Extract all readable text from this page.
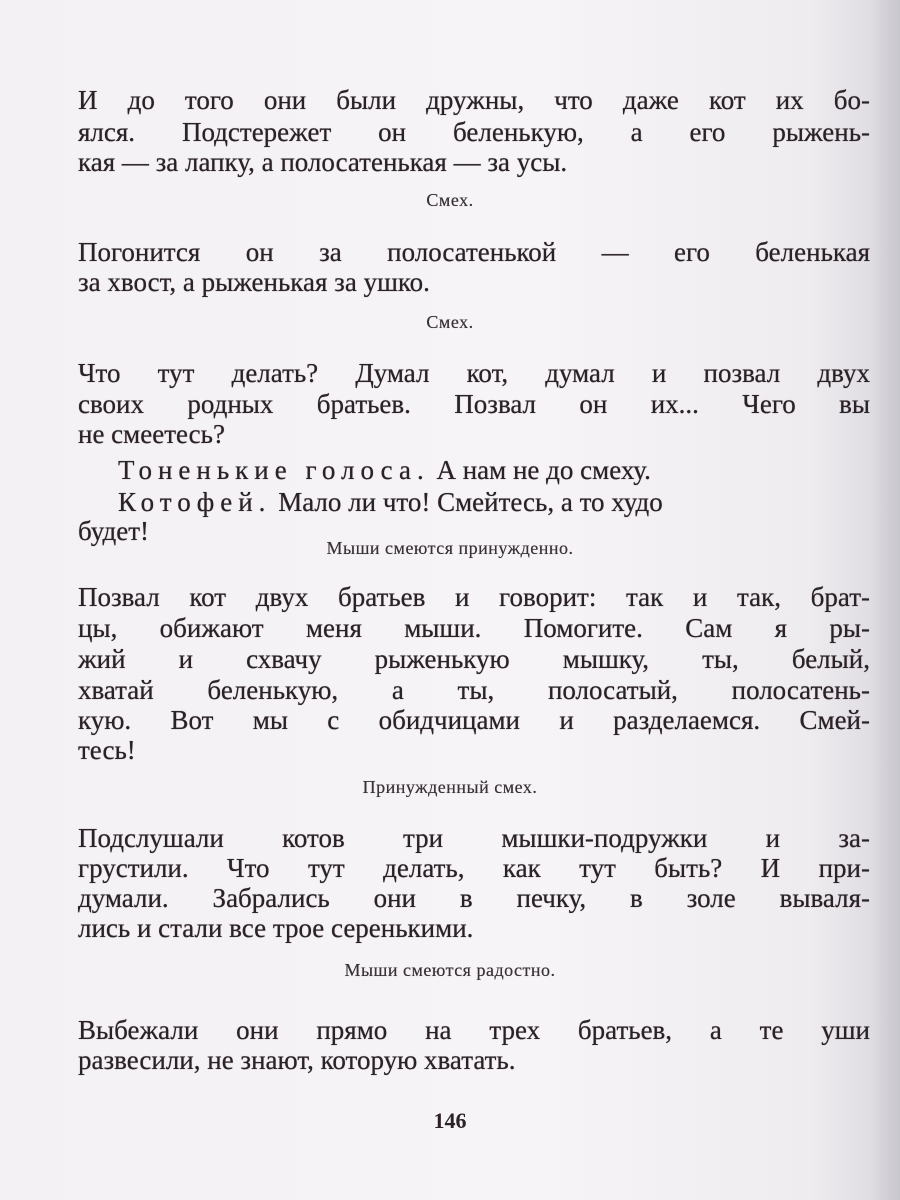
И до того они были дружны, что даже кот их бо-
ялся. Подстережет он беленькую, а его рыжень-
кая — за лапку, а полосатенькая — за усы.
Смех.
Погонится он за полосатенькой — его беленькая
за хвост, а рыженькая за ушко.
Смех.
Что тут делать? Думал кот, думал и позвал двух
своих родных братьев. Позвал он их... Чего вы
не смеетесь?
Тоненькие голоса. А нам не до смеху.
Котофей. Мало ли что! Смейтесь, а то худо
будет!
Мыши смеются принужденно.
Позвал кот двух братьев и говорит: так и так, брат-
цы, обижают меня мыши. Помогите. Сам я ры-
жий и схвачу рыженькую мышку, ты, белый,
хватай беленькую, а ты, полосатый, полосатень-
кую. Вот мы с обидчицами и разделаемся. Смей-
тесь!
Принужденный смех.
Подслушали котов три мышки-подружки и за-
грустили. Что тут делать, как тут быть? И при-
думали. Забрались они в печку, в золе вываля-
лись и стали все трое серенькими.
Мыши смеются радостно.
Выбежали они прямо на трех братьев, а те уши
развесили, не знают, которую хватать.
146
